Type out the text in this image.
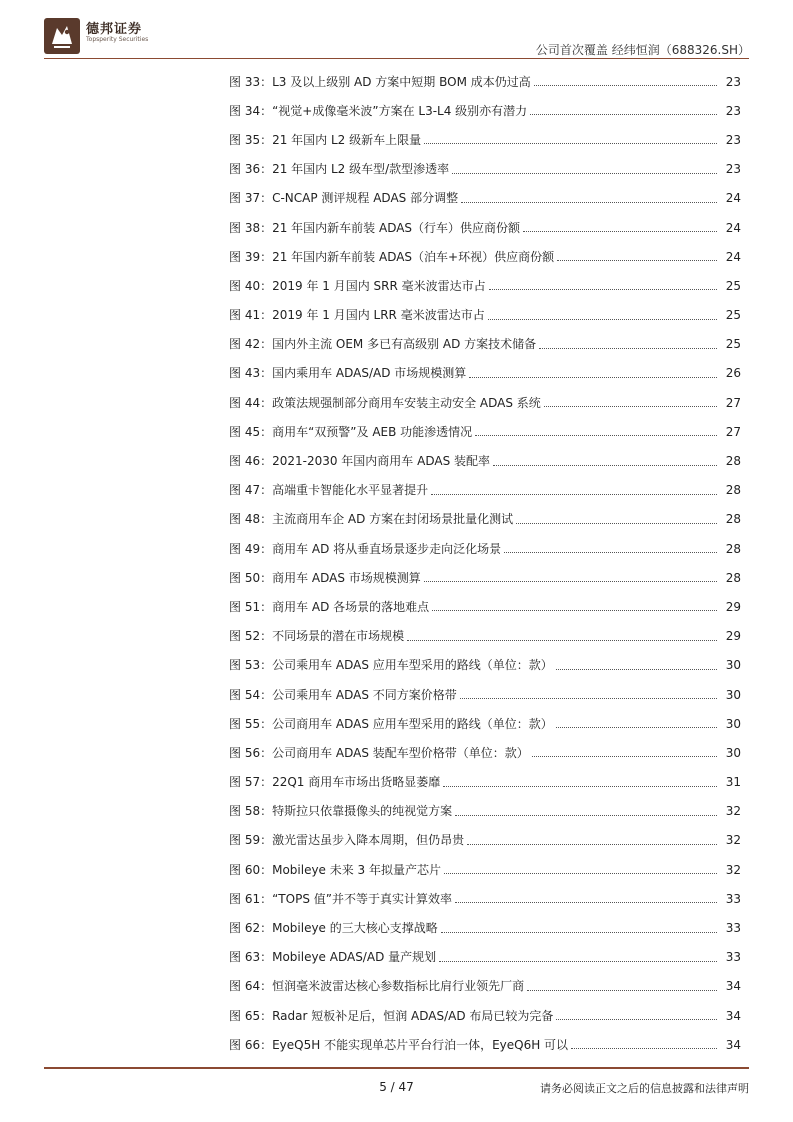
德邦证券
Topsperity Securities
公司首次覆盖 经纬恒润（688326.SH）
图 33：L3 及以上级别 AD 方案中短期 BOM 成本仍过高	23
图 34：“视觉+成像毫米波”方案在 L3-L4 级别亦有潜力	23
图 35：21 年国内 L2 级新车上限量	23
图 36：21 年国内 L2 级车型/款型渗透率	23
图 37：C-NCAP 测评规程 ADAS 部分调整	24
图 38：21 年国内新车前装 ADAS（行车）供应商份额	24
图 39：21 年国内新车前装 ADAS（泊车+环视）供应商份额	24
图 40：2019 年 1 月国内 SRR 毫米波雷达市占	25
图 41：2019 年 1 月国内 LRR 毫米波雷达市占	25
图 42：国内外主流 OEM 多已有高级别 AD 方案技术储备	25
图 43：国内乘用车 ADAS/AD 市场规模测算	26
图 44：政策法规强制部分商用车安装主动安全 ADAS 系统	27
图 45：商用车“双预警”及 AEB 功能渗透情况	27
图 46：2021-2030 年国内商用车 ADAS 装配率	28
图 47：高端重卡智能化水平显著提升	28
图 48：主流商用车企 AD 方案在封闭场景批量化测试	28
图 49：商用车 AD 将从垂直场景逐步走向泛化场景	28
图 50：商用车 ADAS 市场规模测算	28
图 51：商用车 AD 各场景的落地难点	29
图 52：不同场景的潜在市场规模	29
图 53：公司乘用车 ADAS 应用车型采用的路线（单位：款）	30
图 54：公司乘用车 ADAS 不同方案价格带	30
图 55：公司商用车 ADAS 应用车型采用的路线（单位：款）	30
图 56：公司商用车 ADAS 装配车型价格带（单位：款）	30
图 57：22Q1 商用车市场出货略显萎靡	31
图 58：特斯拉只依靠摄像头的纯视觉方案	32
图 59：激光雷达虽步入降本周期，但仍昂贵	32
图 60：Mobileye 未来 3 年拟量产芯片	32
图 61：“TOPS 值”并不等于真实计算效率	33
图 62：Mobileye 的三大核心支撑战略	33
图 63：Mobileye ADAS/AD 量产规划	33
图 64：恒润毫米波雷达核心参数指标比肩行业领先厂商	34
图 65：Radar 短板补足后，恒润 ADAS/AD 布局已较为完备	34
图 66：EyeQ5H 不能实现单芯片平台行泊一体，EyeQ6H 可以	34
5 / 47	请务必阅读正文之后的信息披露和法律声明
